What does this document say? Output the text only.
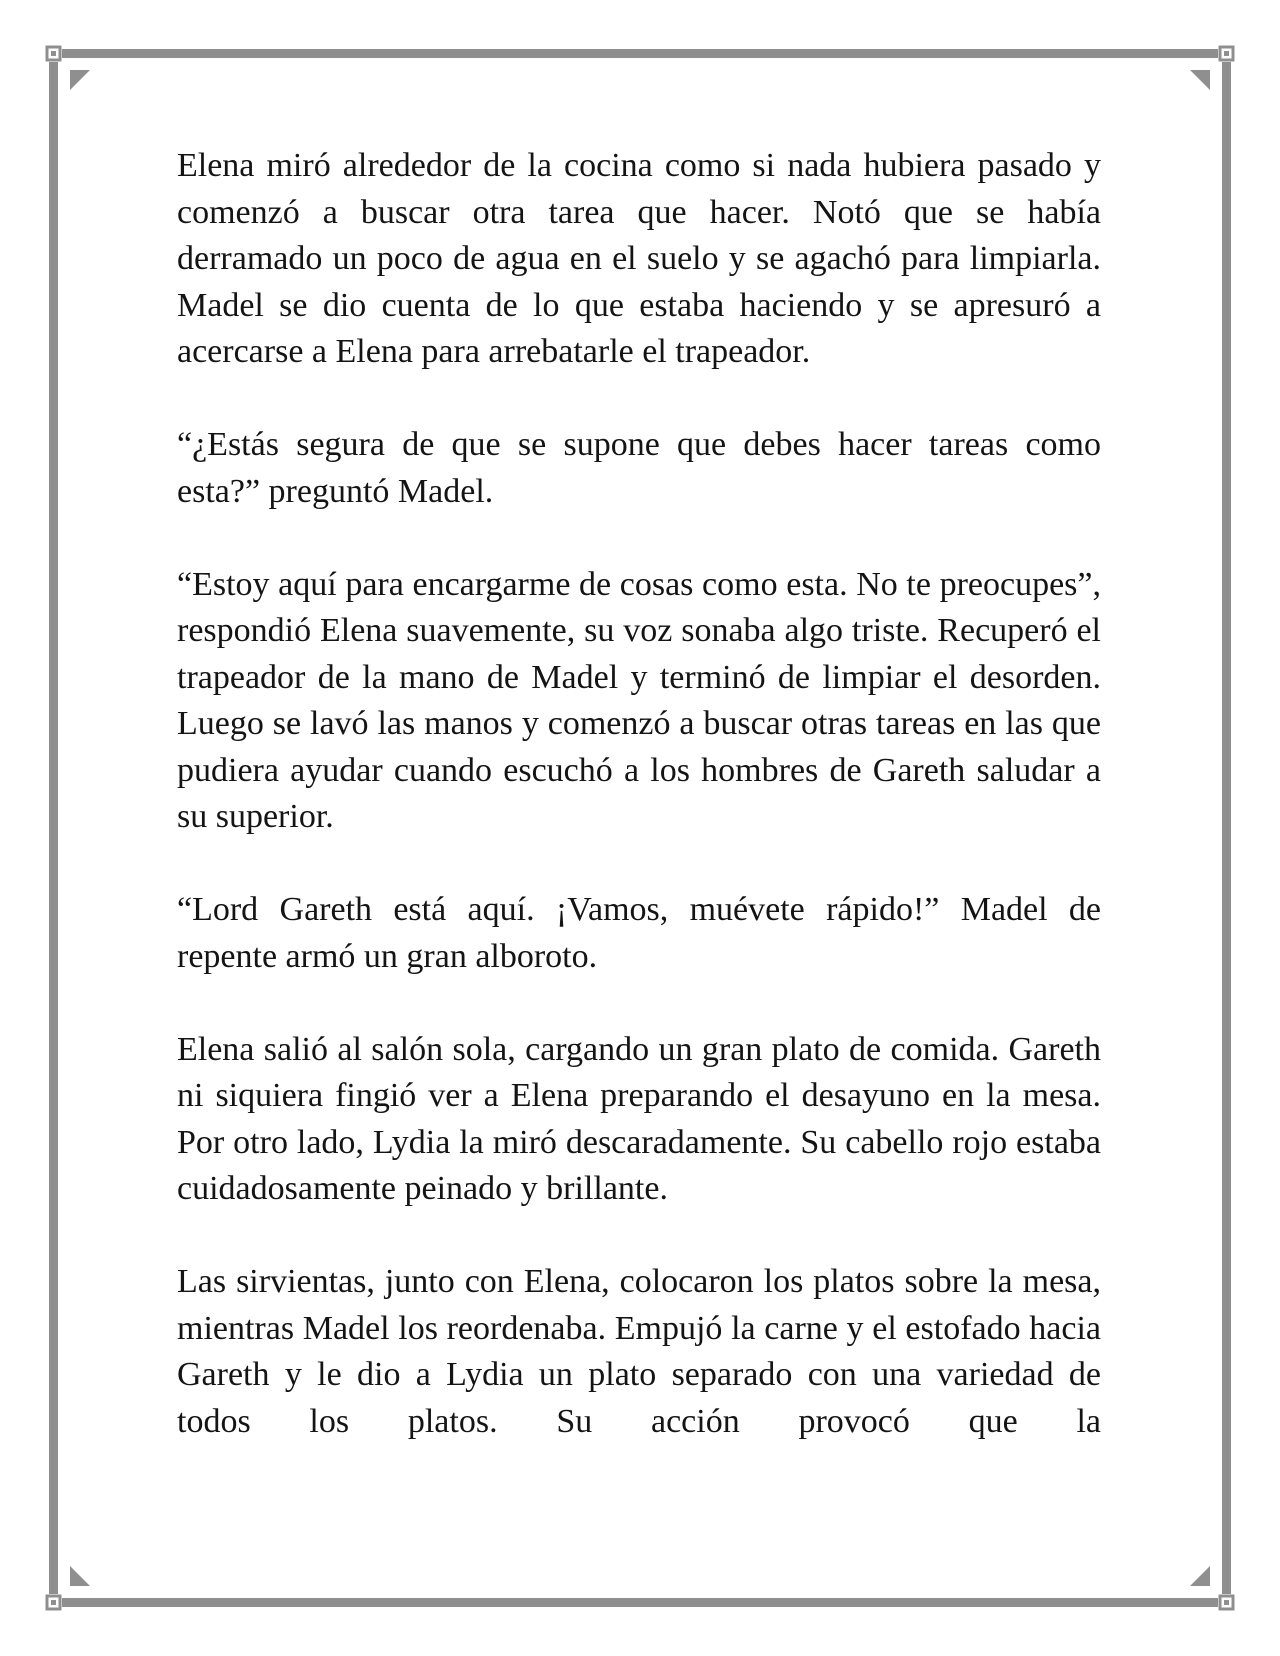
Elena miró alrededor de la cocina como si nada hubiera pasado y comenzó a buscar otra tarea que hacer. Notó que se había derramado un poco de agua en el suelo y se agachó para limpiarla. Madel se dio cuenta de lo que estaba haciendo y se apresuró a acercarse a Elena para arrebatarle el trapeador.

“¿Estás segura de que se supone que debes hacer tareas como esta?” preguntó Madel.

“Estoy aquí para encargarme de cosas como esta. No te preocupes”, respondió Elena suavemente, su voz sonaba algo triste. Recuperó el trapeador de la mano de Madel y terminó de limpiar el desorden. Luego se lavó las manos y comenzó a buscar otras tareas en las que pudiera ayudar cuando escuchó a los hombres de Gareth saludar a su superior.

“Lord Gareth está aquí. ¡Vamos, muévete rápido!” Madel de repente armó un gran alboroto.

Elena salió al salón sola, cargando un gran plato de comida. Gareth ni siquiera fingió ver a Elena preparando el desayuno en la mesa. Por otro lado, Lydia la miró descaradamente. Su cabello rojo estaba cuidadosamente peinado y brillante.

Las sirvientas, junto con Elena, colocaron los platos sobre la mesa, mientras Madel los reordenaba. Empujó la carne y el estofado hacia Gareth y le dio a Lydia un plato separado con una variedad de todos los platos. Su acción provocó que la
